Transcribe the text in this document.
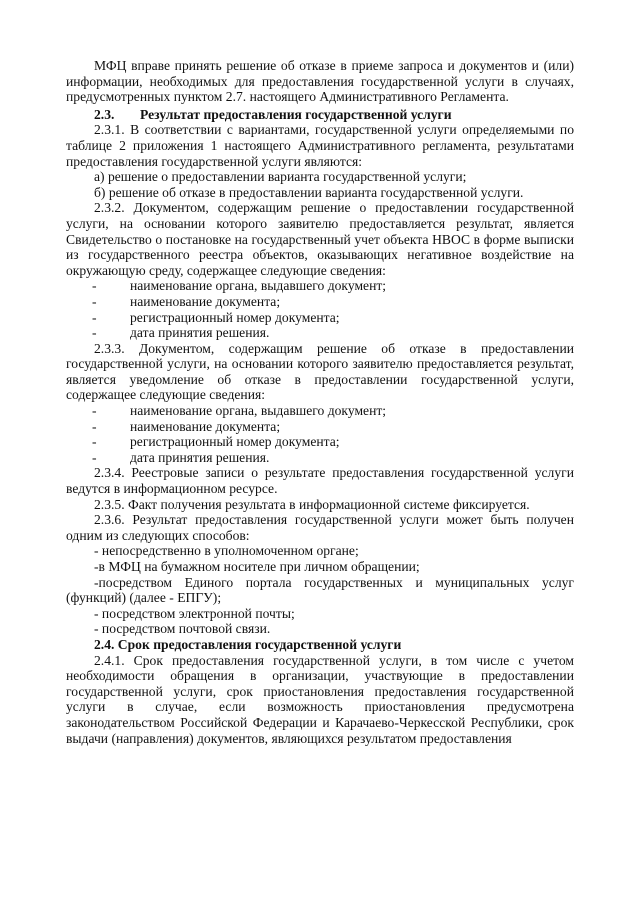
МФЦ вправе принять решение об отказе в приеме запроса и документов и (или) информации, необходимых для предоставления государственной услуги в случаях, предусмотренных пунктом 2.7. настоящего Административного Регламента.

2.3. Результат предоставления государственной услуги

2.3.1. В соответствии с вариантами, государственной услуги определяемыми по таблице 2 приложения 1 настоящего Административного регламента, результатами предоставления государственной услуги являются:

а) решение о предоставлении варианта государственной услуги;

б) решение об отказе в предоставлении варианта государственной услуги.

2.3.2. Документом, содержащим решение о предоставлении государственной услуги, на основании которого заявителю предоставляется результат, является Свидетельство о постановке на государственный учет объекта НВОС в форме выписки из государственного реестра объектов, оказывающих негативное воздействие на окружающую среду, содержащее следующие сведения:

- наименование органа, выдавшего документ;
- наименование документа;
- регистрационный номер документа;
- дата принятия решения.

2.3.3. Документом, содержащим решение об отказе в предоставлении государственной услуги, на основании которого заявителю предоставляется результат, является уведомление об отказе в предоставлении государственной услуги, содержащее следующие сведения:

- наименование органа, выдавшего документ;
- наименование документа;
- регистрационный номер документа;
- дата принятия решения.

2.3.4. Реестровые записи о результате предоставления государственной услуги ведутся в информационном ресурсе.

2.3.5. Факт получения результата в информационной системе фиксируется.

2.3.6. Результат предоставления государственной услуги может быть получен одним из следующих способов:

- непосредственно в уполномоченном органе;

-в МФЦ на бумажном носителе при личном обращении;

-посредством Единого портала государственных и муниципальных услуг (функций) (далее - ЕПГУ);

- посредством электронной почты;

- посредством почтовой связи.

2.4. Срок предоставления государственной услуги

2.4.1. Срок предоставления государственной услуги, в том числе с учетом необходимости обращения в организации, участвующие в предоставлении государственной услуги, срок приостановления предоставления государственной услуги в случае, если возможность приостановления предусмотрена законодательством Российской Федерации и Карачаево-Черкесской Республики, срок выдачи (направления) документов, являющихся результатом предоставления
